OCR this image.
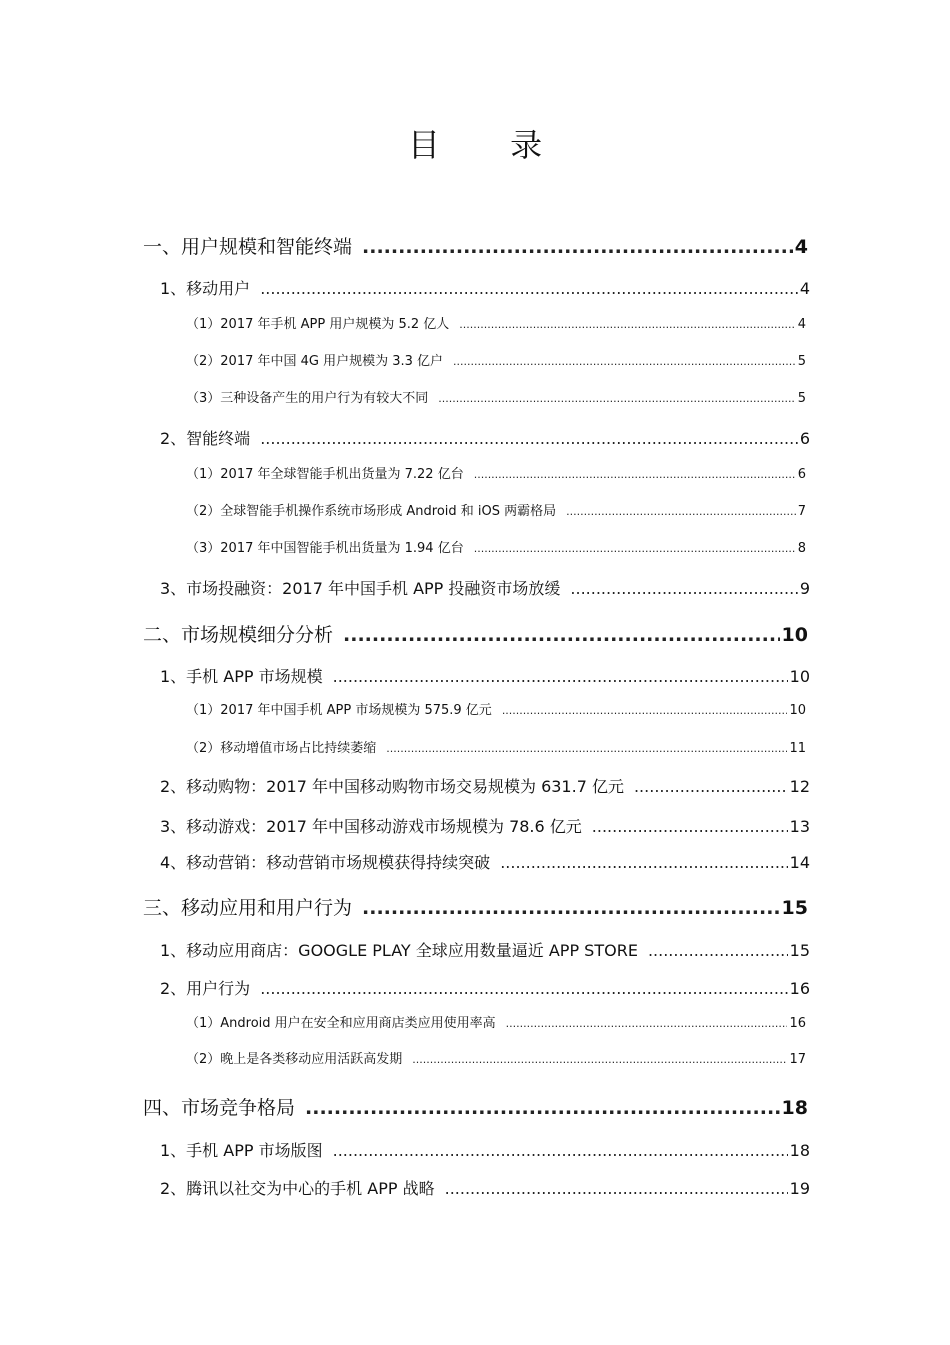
目 录
一、用户规模和智能终端 .....	4
1、移动用户 .....	4
（1）2017 年手机 APP 用户规模为 5.2 亿人 .....	4
（2）2017 年中国 4G 用户规模为 3.3 亿户 .....	5
（3）三种设备产生的用户行为有较大不同 .....	5
2、智能终端 .....	6
（1）2017 年全球智能手机出货量为 7.22 亿台 .....	6
（2）全球智能手机操作系统市场形成 Android 和 iOS 两霸格局 .....	7
（3）2017 年中国智能手机出货量为 1.94 亿台 .....	8
3、市场投融资：2017 年中国手机 APP 投融资市场放缓 .....	9
二、市场规模细分分析 .....	10
1、手机 APP 市场规模 .....	10
（1）2017 年中国手机 APP 市场规模为 575.9 亿元 .....	10
（2）移动增值市场占比持续萎缩 .....	11
2、移动购物：2017 年中国移动购物市场交易规模为 631.7 亿元 .....	12
3、移动游戏：2017 年中国移动游戏市场规模为 78.6 亿元 .....	13
4、移动营销：移动营销市场规模获得持续突破 .....	14
三、移动应用和用户行为 .....	15
1、移动应用商店：GOOGLE PLAY 全球应用数量逼近 APP STORE .....	15
2、用户行为 .....	16
（1）Android 用户在安全和应用商店类应用使用率高 .....	16
（2）晚上是各类移动应用活跃高发期 .....	17
四、市场竞争格局 .....	18
1、手机 APP 市场版图 .....	18
2、腾讯以社交为中心的手机 APP 战略 .....	19
